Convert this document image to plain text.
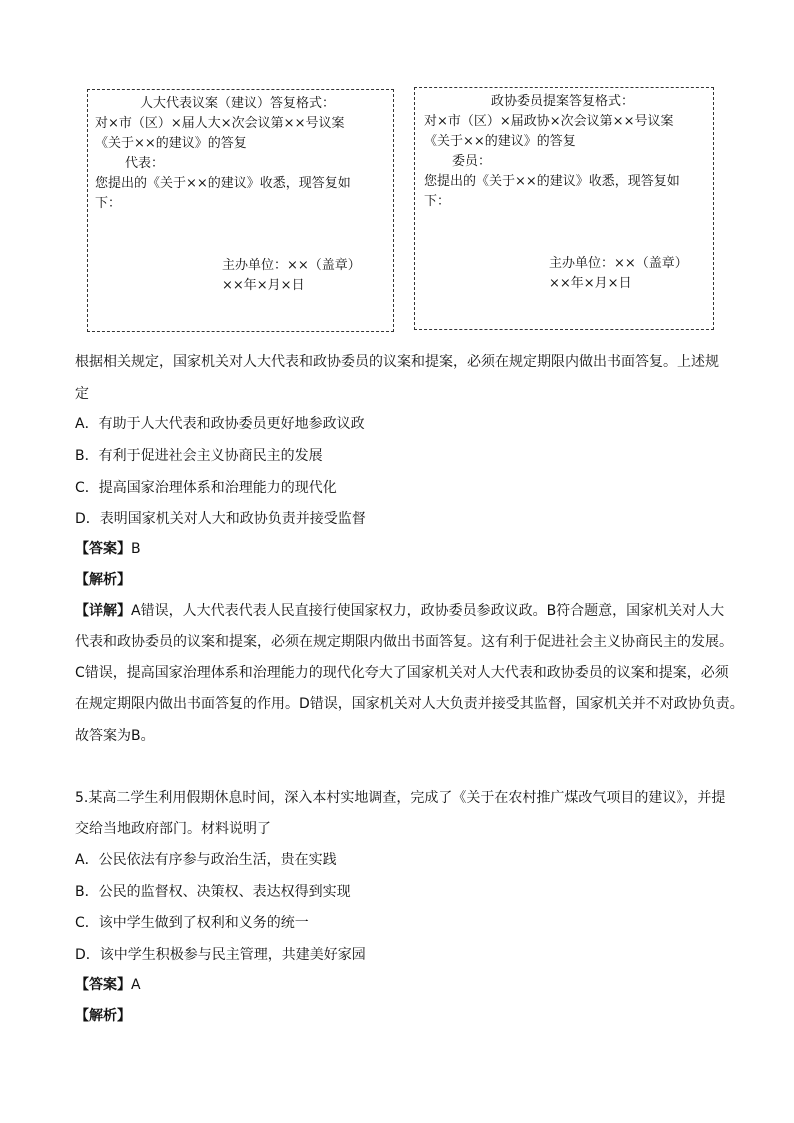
人大代表议案（建议）答复格式：
对×市（区）×届人大×次会议第××号议案
《关于××的建议》的答复
代表：
您提出的《关于××的建议》收悉，现答复如
下：
主办单位：××（盖章）
××年×月×日
政协委员提案答复格式：
对×市（区）×届政协×次会议第××号议案
《关于××的建议》的答复
委员：
您提出的《关于××的建议》收悉，现答复如
下：
主办单位：××（盖章）
××年×月×日
根据相关规定，国家机关对人大代表和政协委员的议案和提案，必须在规定期限内做出书面答复。上述规
定
A．有助于人大代表和政协委员更好地参政议政
B．有利于促进社会主义协商民主的发展
C．提高国家治理体系和治理能力的现代化
D．表明国家机关对人大和政协负责并接受监督
【答案】B
【解析】
【详解】A错误，人大代表代表人民直接行使国家权力，政协委员参政议政。B符合题意，国家机关对人大
代表和政协委员的议案和提案，必须在规定期限内做出书面答复。这有利于促进社会主义协商民主的发展。
C错误，提高国家治理体系和治理能力的现代化夸大了国家机关对人大代表和政协委员的议案和提案，必须
在规定期限内做出书面答复的作用。D错误，国家机关对人大负责并接受其监督，国家机关并不对政协负责。
故答案为B。
5.某高二学生利用假期休息时间，深入本村实地调查，完成了《关于在农村推广煤改气项目的建议》，并提
交给当地政府部门。材料说明了
A．公民依法有序参与政治生活，贵在实践
B．公民的监督权、决策权、表达权得到实现
C．该中学生做到了权利和义务的统一
D．该中学生积极参与民主管理，共建美好家园
【答案】A
【解析】
